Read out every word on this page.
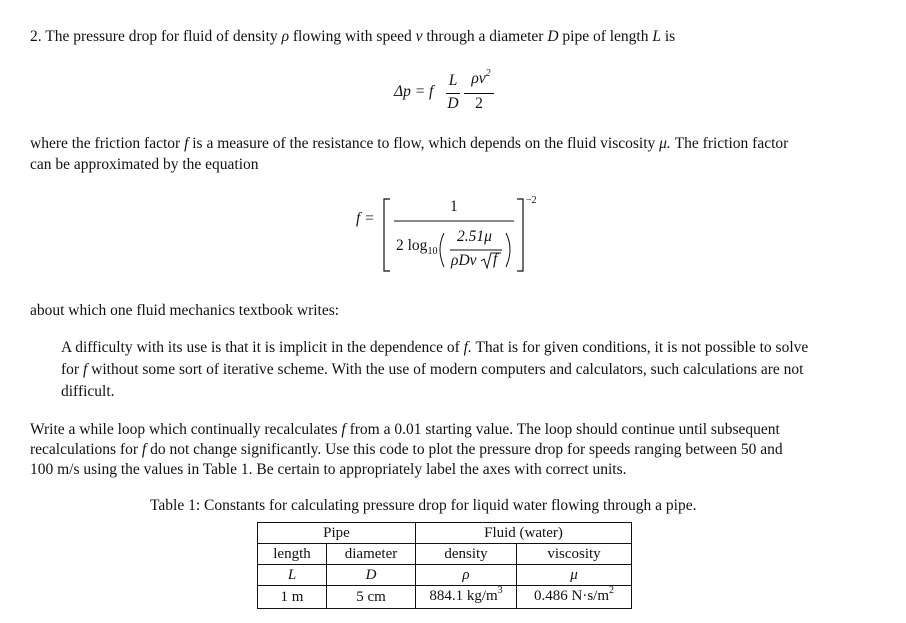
2. The pressure drop for fluid of density ρ flowing with speed v through a diameter D pipe of length L is
Δp = f
L
D
$\rho v^2$
2
where the friction factor f is a measure of the resistance to flow, which depends on the fluid viscosity μ. The friction factor
can be approximated by the equation
f =
1
2 $\log_{10}$
2.51μ
ρDv f
−2
about which one fluid mechanics textbook writes:
A difficulty with its use is that it is implicit in the dependence of f. That is for given conditions, it is not possible to solve
for f without some sort of iterative scheme. With the use of modern computers and calculators, such calculations are not
difficult.
Write a while loop which continually recalculates f from a 0.01 starting value. The loop should continue until subsequent
recalculations for f do not change significantly. Use this code to plot the pressure drop for speeds ranging between 50 and
100 m/s using the values in Table 1. Be certain to appropriately label the axes with correct units.
Table 1: Constants for calculating pressure drop for liquid water flowing through a pipe.
Pipe		Fluid (water)	
length	diameter	density	viscosity
L	D	ρ	μ
1 m	5 cm	884.1 $kg/m^3$	0.486 $N\cdot s/m^2$
